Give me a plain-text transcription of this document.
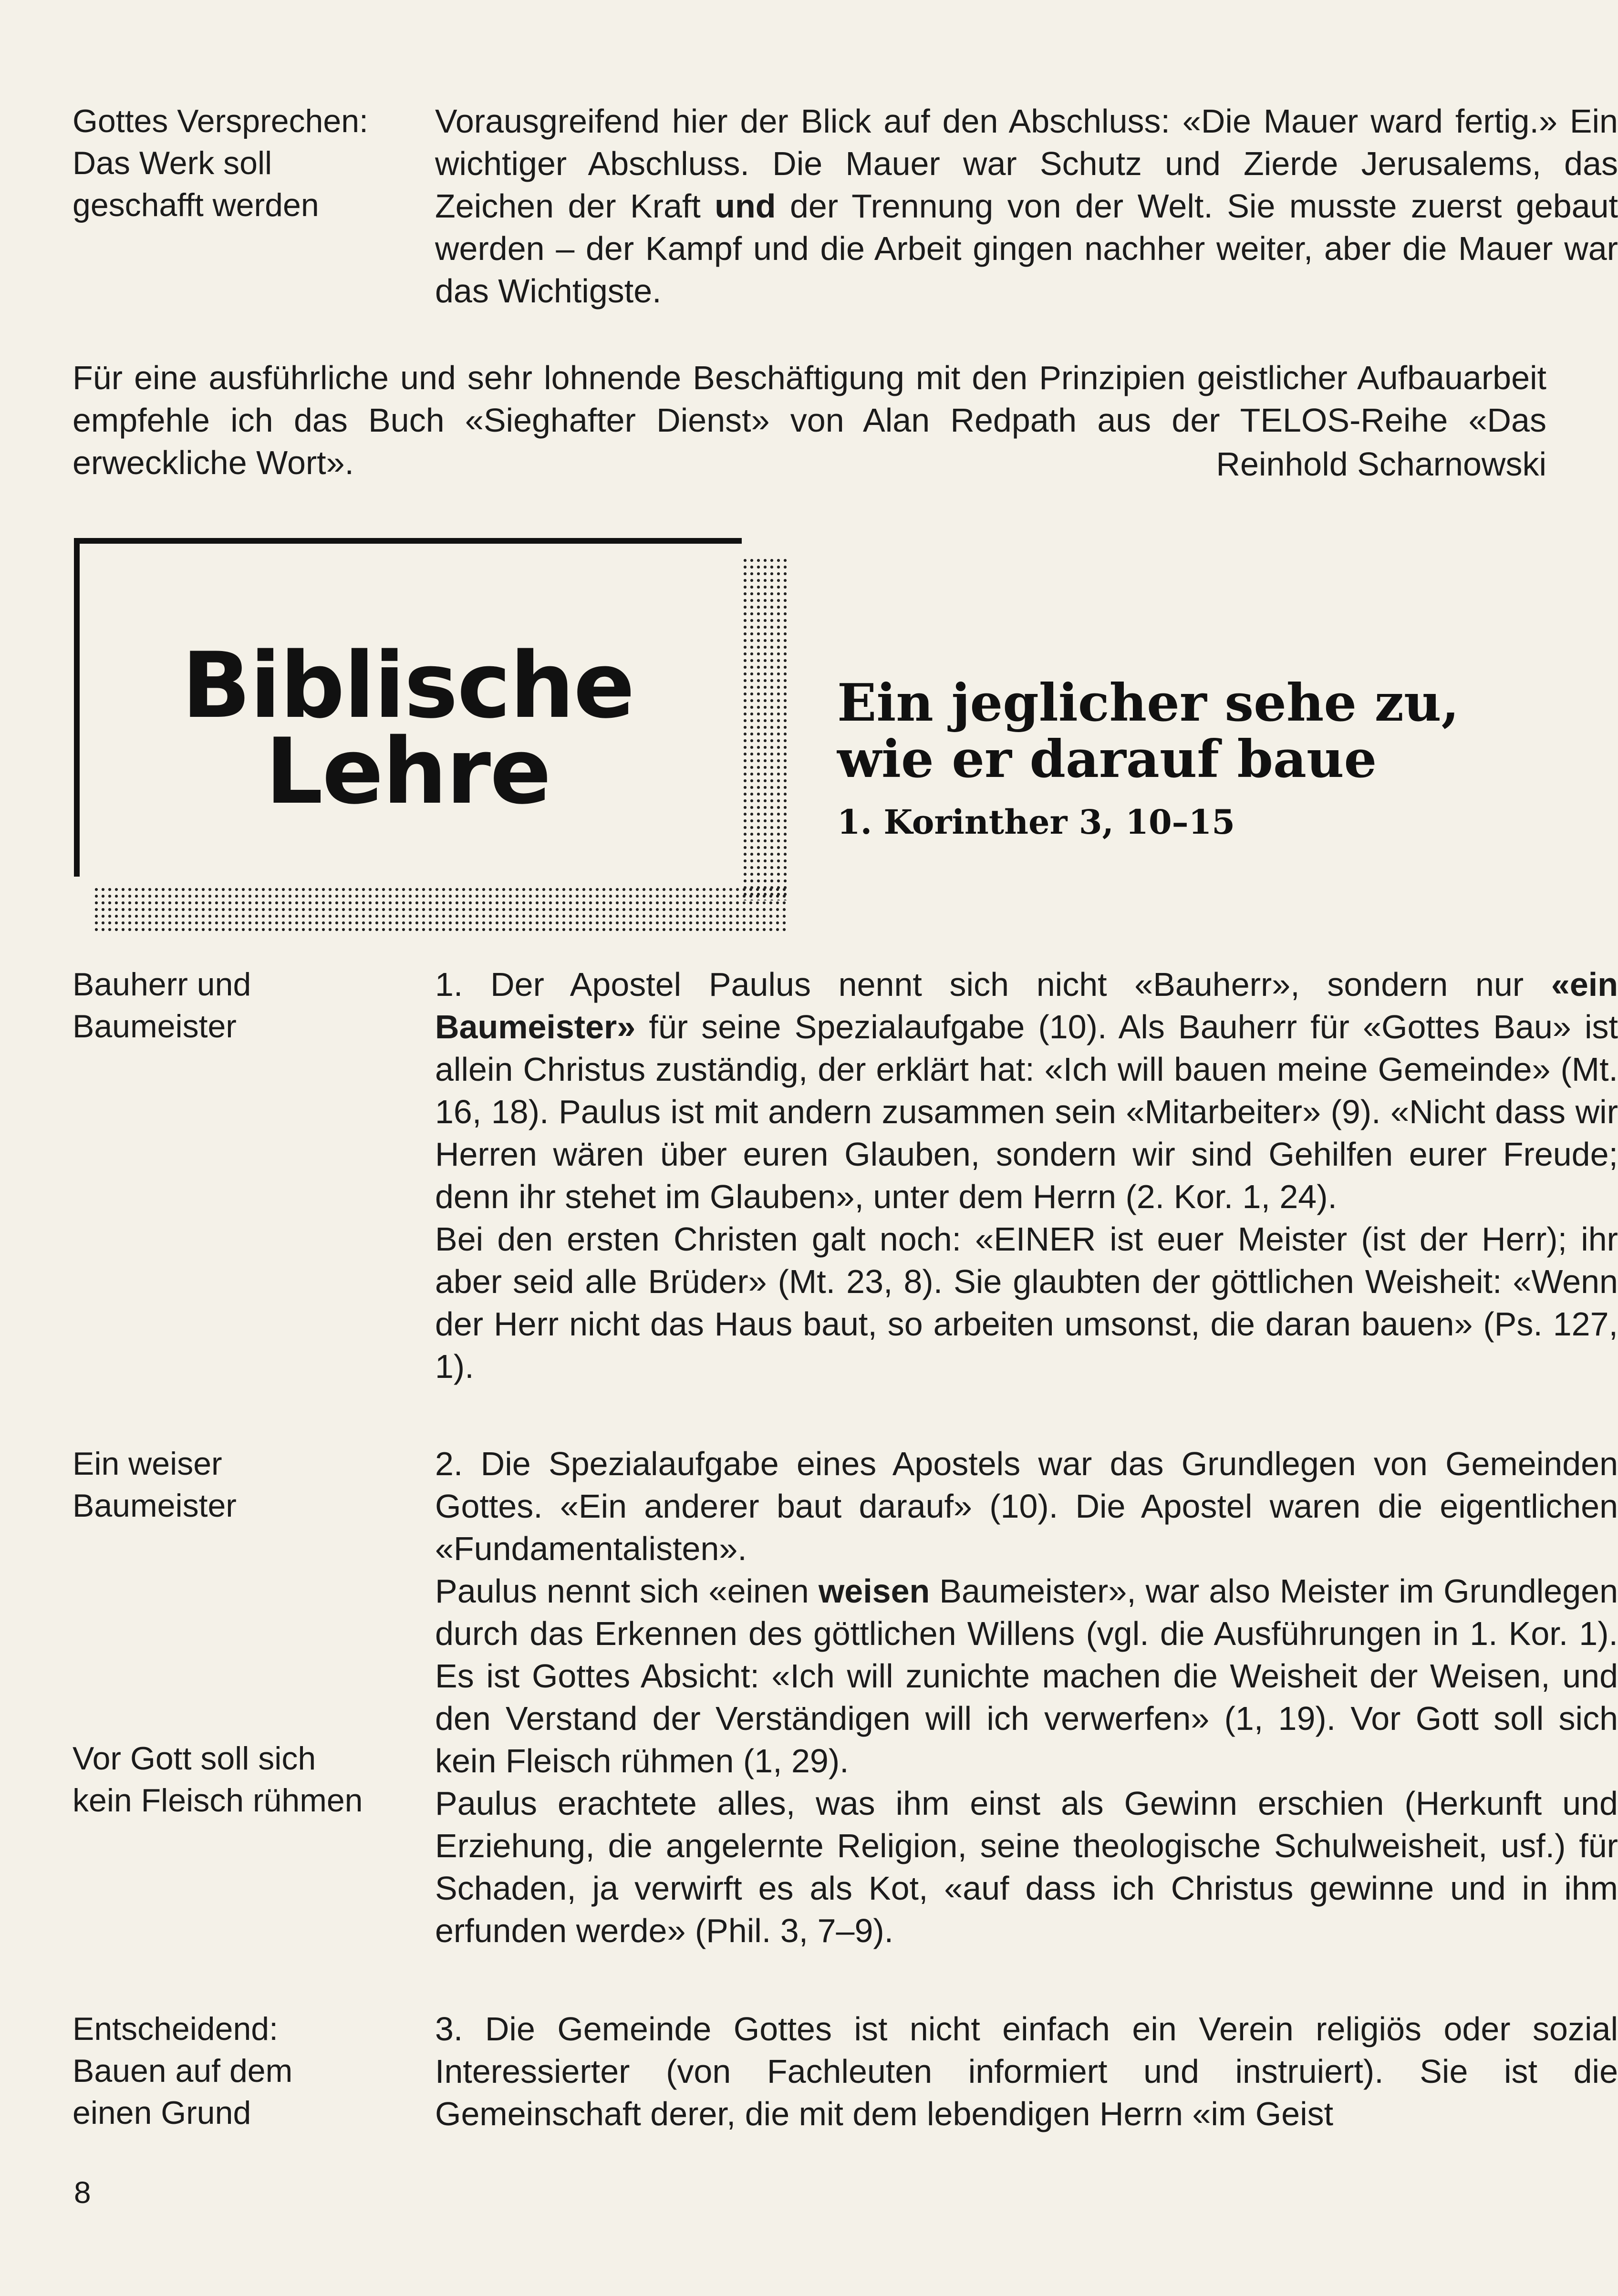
Gottes Versprechen:
Das Werk soll
geschafft werden

Vorausgreifend hier der Blick auf den Abschluss: «Die Mauer ward fertig.» Ein wichtiger Abschluss. Die Mauer war Schutz und Zierde Jerusalems, das Zeichen der Kraft und der Trennung von der Welt. Sie musste zuerst gebaut werden – der Kampf und die Arbeit gingen nachher weiter, aber die Mauer war das Wichtigste.

Für eine ausführliche und sehr lohnende Beschäftigung mit den Prinzipien geistlicher Aufbauarbeit empfehle ich das Buch «Sieghafter Dienst» von Alan Redpath aus der TELOS-Reihe «Das erweckliche Wort».	Reinhold Scharnowski
Biblische
Lehre
Ein jeglicher sehe zu,
wie er darauf baue
1. Korinther 3, 10–15
Bauherr und
Baumeister

1. Der Apostel Paulus nennt sich nicht «Bauherr», sondern nur «ein Baumeister» für seine Spezialaufgabe (10). Als Bauherr für «Gottes Bau» ist allein Christus zuständig, der erklärt hat: «Ich will bauen meine Gemeinde» (Mt. 16, 18). Paulus ist mit andern zusammen sein «Mitarbeiter» (9). «Nicht dass wir Herren wären über euren Glauben, sondern wir sind Gehilfen eurer Freude; denn ihr stehet im Glauben», unter dem Herrn (2. Kor. 1, 24).

Bei den ersten Christen galt noch: «EINER ist euer Meister (ist der Herr); ihr aber seid alle Brüder» (Mt. 23, 8). Sie glaubten der göttlichen Weisheit: «Wenn der Herr nicht das Haus baut, so arbeiten umsonst, die daran bauen» (Ps. 127, 1).

Ein weiser
Baumeister
Vor Gott soll sich
kein Fleisch rühmen

2. Die Spezialaufgabe eines Apostels war das Grundlegen von Gemeinden Gottes. «Ein anderer baut darauf» (10). Die Apostel waren die eigentlichen «Fundamentalisten».

Paulus nennt sich «einen weisen Baumeister», war also Meister im Grundlegen durch das Erkennen des göttlichen Willens (vgl. die Ausführungen in 1. Kor. 1). Es ist Gottes Absicht: «Ich will zunichte machen die Weisheit der Weisen, und den Verstand der Verständigen will ich verwerfen» (1, 19). Vor Gott soll sich kein Fleisch rühmen (1, 29).

Paulus erachtete alles, was ihm einst als Gewinn erschien (Herkunft und Erziehung, die angelernte Religion, seine theologische Schulweisheit, usf.) für Schaden, ja verwirft es als Kot, «auf dass ich Christus gewinne und in ihm erfunden werde» (Phil. 3, 7–9).

Entscheidend:
Bauen auf dem
einen Grund

3. Die Gemeinde Gottes ist nicht einfach ein Verein religiös oder sozial Interessierter (von Fachleuten informiert und instruiert). Sie ist die Gemeinschaft derer, die mit dem lebendigen Herrn «im Geist

8
